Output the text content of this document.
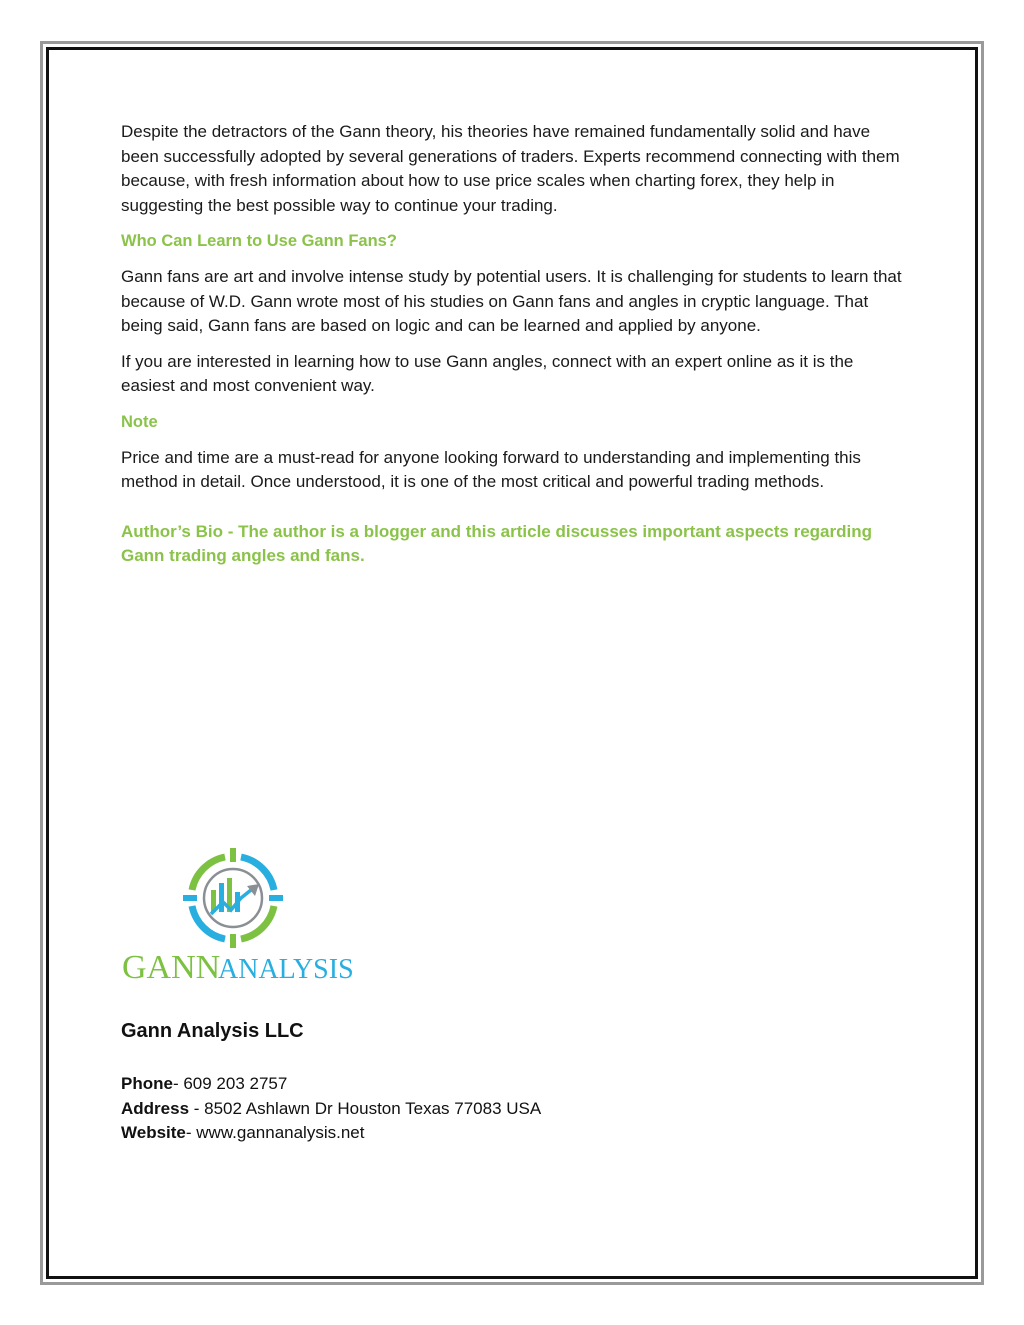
Despite the detractors of the Gann theory, his theories have remained fundamentally solid and have been successfully adopted by several generations of traders. Experts recommend connecting with them because, with fresh information about how to use price scales when charting forex, they help in suggesting the best possible way to continue your trading.

Who Can Learn to Use Gann Fans?

Gann fans are art and involve intense study by potential users. It is challenging for students to learn that because of W.D. Gann wrote most of his studies on Gann fans and angles in cryptic language. That being said, Gann fans are based on logic and can be learned and applied by anyone.

If you are interested in learning how to use Gann angles, connect with an expert online as it is the easiest and most convenient way.

Note

Price and time are a must-read for anyone looking forward to understanding and implementing this method in detail. Once understood, it is one of the most critical and powerful trading methods.

Author’s Bio - The author is a blogger and this article discusses important aspects regarding Gann trading angles and fans.

GANN
ANALYSIS
Gann Analysis LLC
Phone- 609 203 2757
Address - 8502 Ashlawn Dr Houston Texas 77083 USA
Website- www.gannanalysis.net
